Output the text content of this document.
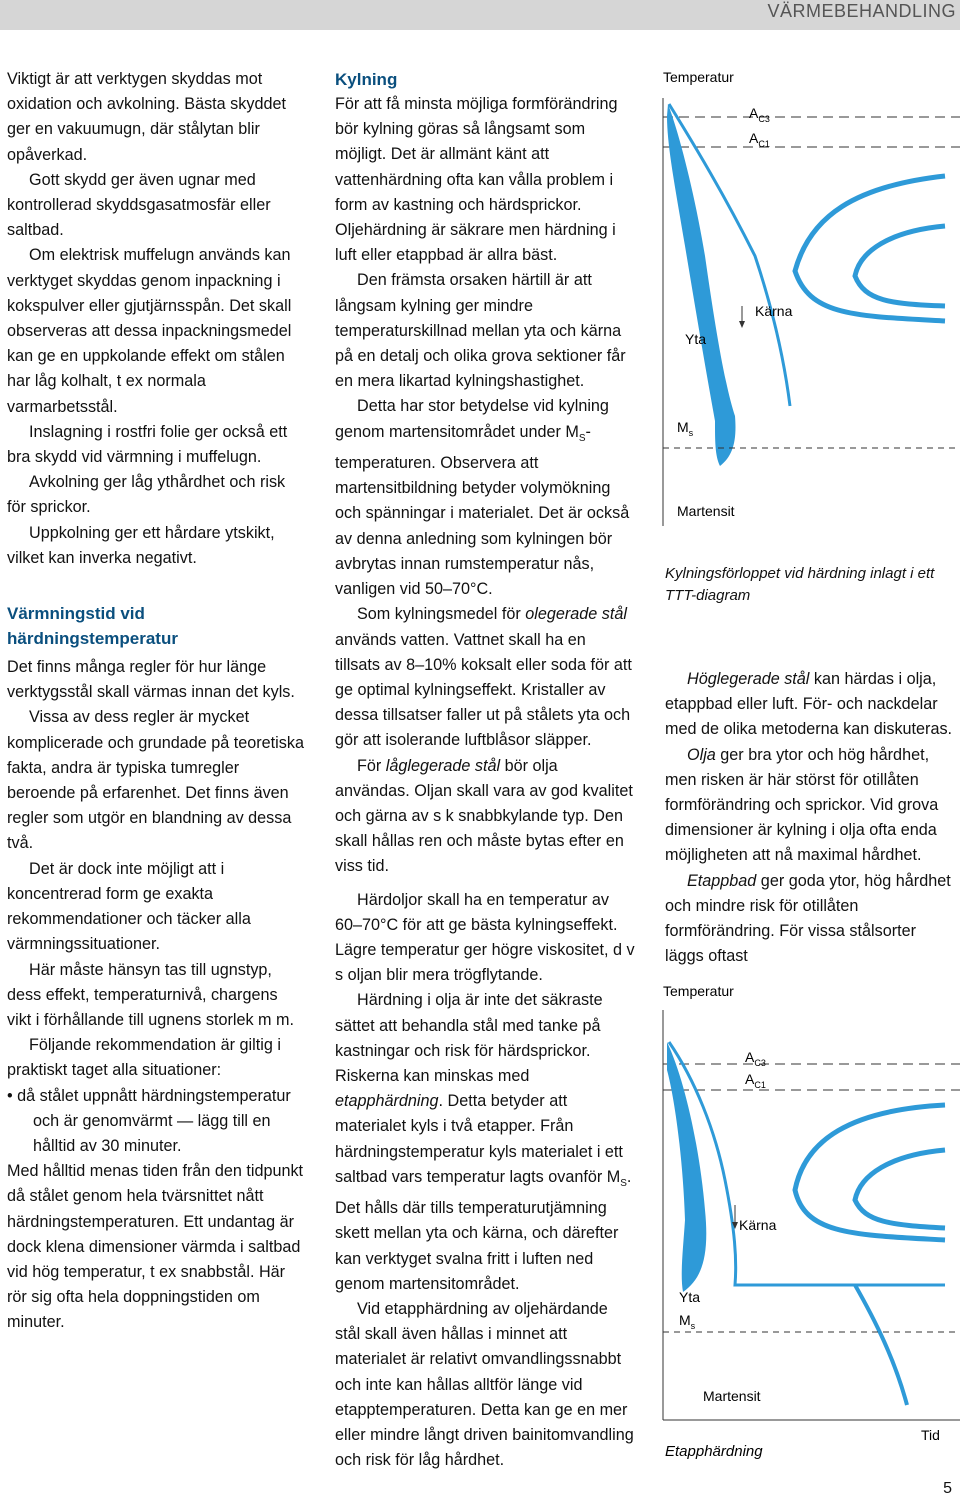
VÄRMEBEHANDLING

Viktigt är att verktygen skyddas mot oxidation och avkolning. Bästa skyddet ger en vakuumugn, där stålytan blir opåverkad.

Gott skydd ger även ugnar med kontrollerad skyddsgasatmosfär eller saltbad.

Om elektrisk muffelugn används kan verktyget skyddas genom inpackning i kokspulver eller gjutjärnsspån. Det skall observeras att dessa inpackningsmedel kan ge en uppkolande effekt om stålen har låg kolhalt, t ex normala varmarbetsstål.

Inslagning i rostfri folie ger också ett bra skydd vid värmning i muffelugn.

Avkolning ger låg ythårdhet och risk för sprickor.

Uppkolning ger ett hårdare ytskikt, vilket kan inverka negativt.

Värmningstid vid härdningstemperatur

Det finns många regler för hur länge verktygsstål skall värmas innan det kyls.

Vissa av dess regler är mycket komplicerade och grundade på teoretiska fakta, andra är typiska tumregler beroende på erfarenhet. Det finns även regler som utgör en blandning av dessa två.

Det är dock inte möjligt att i koncentrerad form ge exakta rekommendationer och täcker alla värmningssituationer.

Här måste hänsyn tas till ugnstyp, dess effekt, temperaturnivå, chargens vikt i förhållande till ugnens storlek m m.

Följande rekommendation är giltig i praktiskt taget alla situationer:

• då stålet uppnått härdningstemperatur och är genomvärmt — lägg till en hålltid av 30 minuter.

Med hålltid menas tiden från den tidpunkt då stålet genom hela tvärsnittet nått härdningstemperaturen. Ett undantag är dock klena dimensioner värmda i saltbad vid hög temperatur, t ex snabbstål. Här rör sig ofta hela doppningstiden om minuter.

Kylning

För att få minsta möjliga formförändring bör kylning göras så långsamt som möjligt. Det är allmänt känt att vattenhärdning ofta kan vålla problem i form av kastning och härdsprickor. Oljehärdning är säkrare men härdning i luft eller etappbad är allra bäst.

Den främsta orsaken härtill är att långsam kylning ger mindre temperaturskillnad mellan yta och kärna på en detalj och olika grova sektioner får en mera likartad kylningshastighet.

Detta har stor betydelse vid kylning genom martensitområdet under $M_S$-temperaturen. Observera att martensitbildning betyder volymökning och spänningar i materialet. Det är också av denna anledning som kylningen bör avbrytas innan rumstemperatur nås, vanligen vid 50–70°C.

Som kylningsmedel för olegerade stål används vatten. Vattnet skall ha en tillsats av 8–10% koksalt eller soda för att ge optimal kylningseffekt. Kristaller av dessa tillsatser faller ut på stålets yta och gör att isolerande luftblåsor släpper.

För låglegerade stål bör olja användas. Oljan skall vara av god kvalitet och gärna av s k snabbkylande typ. Den skall hållas ren och måste bytas efter en viss tid.

Härdoljor skall ha en temperatur av 60–70°C för att ge bästa kylningseffekt. Lägre temperatur ger högre viskositet, d v s oljan blir mera trögflytande.

Härdning i olja är inte det säkraste sättet att behandla stål med tanke på kastningar och risk för härdsprickor. Riskerna kan minskas med etapphärdning. Detta betyder att materialet kyls i två etapper. Från härdningstemperatur kyls materialet i ett saltbad vars temperatur lagts ovanför $M_S$. Det hålls där tills temperaturutjämning skett mellan yta och kärna, och därefter kan verktyget svalna fritt i luften ned genom martensitområdet.

Vid etapphärdning av oljehärdande stål skall även hållas i minnet att materialet är relativt omvandlingssnabbt och inte kan hållas alltför länge vid etapptemperaturen. Detta kan ge en mer eller mindre långt driven bainitomvandling och risk för låg hårdhet.

Temperatur
$A_{C3}$
$A_{C1}$
Kärna
Yta
$M_s$
Martensit
Kylningsförloppet vid härdning inlagt i ett TTT-diagram

Höglegerade stål kan härdas i olja, etappbad eller luft. För- och nackdelar med de olika metoderna kan diskuteras.

Olja ger bra ytor och hög hårdhet, men risken är här störst för otillåten formförändring och sprickor. Vid grova dimensioner är kylning i olja ofta enda möjligheten att nå maximal hårdhet.

Etappbad ger goda ytor, hög hårdhet och mindre risk för otillåten formförändring. För vissa stålsorter läggs oftast

Temperatur
$A_{C3}$
$A_{C1}$
Kärna
Yta
$M_s$
Martensit
Etapphärdning
Tid
5
